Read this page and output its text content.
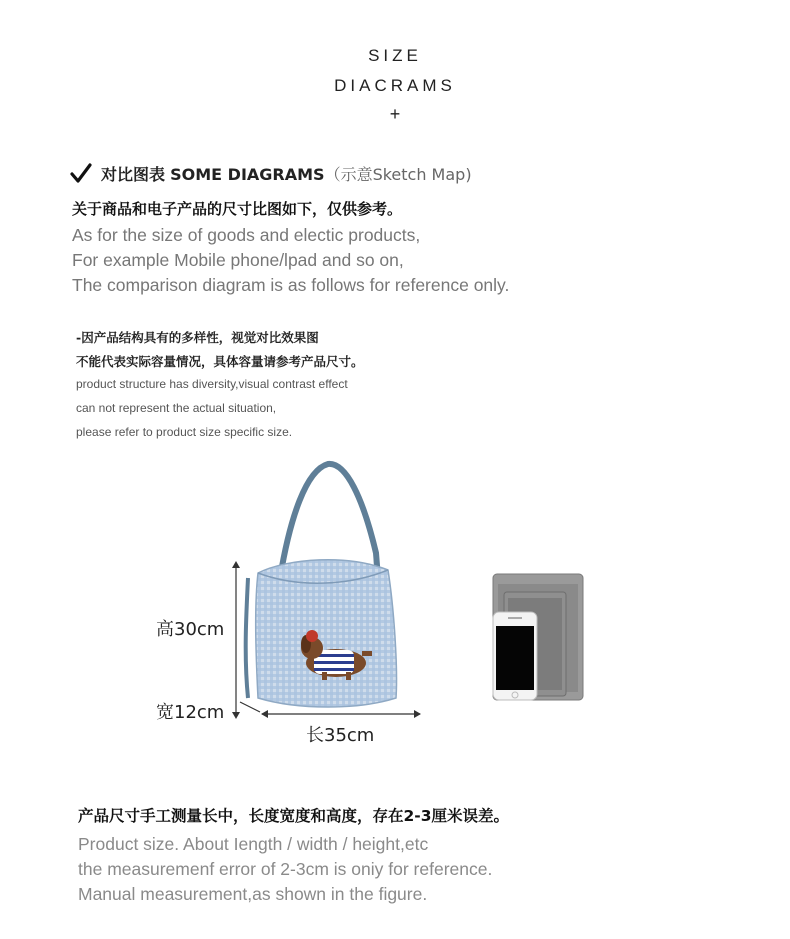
SIZE
DIACRAMS
+
对比图表 SOME DIAGRAMS（示意Sketch Map)
关于商品和电子产品的尺寸比图如下，仅供参考。
As for the size of goods and electic products,
For example Mobile phone/lpad and so on,
The comparison diagram is as follows for reference only.
-因产品结构具有的多样性，视觉对比效果图
不能代表实际容量情况，具体容量请参考产品尺寸。
product structure has diversity,visual contrast effect
can not represent the actual situation,
please refer to product size specific size.
高30cm
宽12cm
长35cm
产品尺寸手工测量长中，长度宽度和高度，存在2-3厘米误差。
Product size. About Iength / width / height,etc
the measuremenf error of 2-3cm is oniy for reference.
Manual measurement,as shown in the figure.
